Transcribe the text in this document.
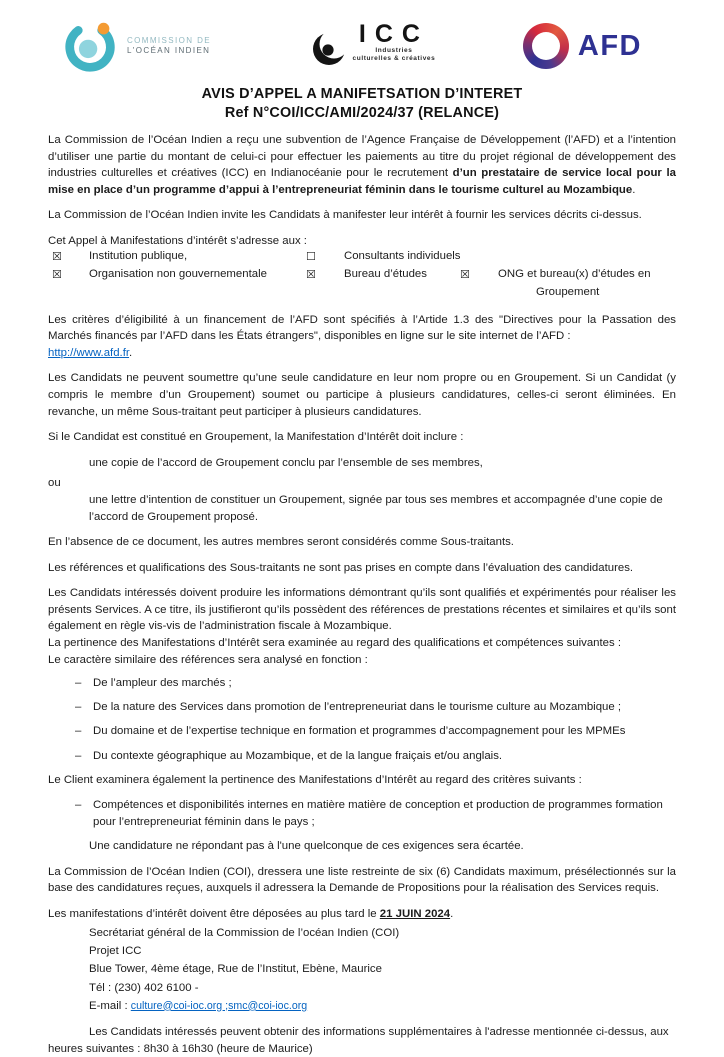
COMMISSION DE
L'OCÉAN INDIEN
ICC
Industries
culturelles & créatives	AFD
AVIS D’APPEL A MANIFETSATION D’INTERET
Ref N°COI/ICC/AMI/2024/37 (RELANCE)

La Commission de l’Océan Indien a reçu une subvention de l’Agence Française de Développement (l’AFD) et a l’intention d’utiliser une partie du montant de celui-ci pour effectuer les paiements au titre du projet régional de développement des industries culturelles et créatives (ICC) en Indianocéanie pour le recrutement d’un prestataire de service local pour la mise en place d’un programme d’appui à l’entrepreneuriat féminin dans le tourisme culturel au Mozambique.

La Commission de l’Océan Indien invite les Candidats à manifester leur intérêt à fournir les services décrits ci-dessus.

Cet Appel à Manifestations d’intérêt s’adresse aux :

☒ Institution publique,	☐ Consultants individuels
☒ Organisation non gouvernementale	☒ Bureau d’études	☒ ONG et bureau(x) d’études en
Groupement

Les critères d’éligibilité à un financement de l’AFD sont spécifiés à l’Artide 1.3 des "Directives pour la Passation des Marchés financés par l’AFD dans les États étrangers", disponibles en ligne sur le site internet de l’AFD :
http://www.afd.fr.

Les Candidats ne peuvent soumettre qu’une seule candidature en leur nom propre ou en Groupement. Si un Candidat (y compris le membre d’un Groupement) soumet ou participe à plusieurs candidatures, celles-ci seront éliminées. En revanche, un même Sous-traitant peut participer à plusieurs candidatures.

Si le Candidat est constitué en Groupement, la Manifestation d’Intérêt doit inclure :

une copie de l’accord de Groupement conclu par l’ensemble de ses membres,

ou

une lettre d’intention de constituer un Groupement, signée par tous ses membres et accompagnée d’une copie de l’accord de Groupement proposé.

En l’absence de ce document, les autres membres seront considérés comme Sous-traitants.

Les références et qualifications des Sous-traitants ne sont pas prises en compte dans l’évaluation des candidatures.

Les Candidats intéressés doivent produire les informations démontrant qu’ils sont qualifiés et expérimentés pour réaliser les présents Services. A ce titre, ils justifieront qu’ils possèdent des références de prestations récentes et similaires et qu’ils sont également en règle vis-vis de l’administration fiscale à Mozambique.

La pertinence des Manifestations d’Intérêt sera examinée au regard des qualifications et compétences suivantes :

Le caractère similaire des références sera analysé en fonction :

– De l’ampleur des marchés ;
– De la nature des Services dans promotion de l’entrepreneuriat dans le tourisme culture au Mozambique ;
– Du domaine et de l’expertise technique en formation et programmes d’accompagnement pour les MPMEs
– Du contexte géographique au Mozambique, et de la langue fraiçais et/ou anglais.

Le Client examinera également la pertinence des Manifestations d’Intérêt au regard des critères suivants :

– Compétences et disponibilités internes en matière matière de conception et production de programmes formation pour l’entrepreneuriat féminin dans le pays ;

Une candidature ne répondant pas à l'une quelconque de ces exigences sera écartée.

La Commission de l’Océan Indien (COI), dressera une liste restreinte de six (6) Candidats maximum, présélectionnés sur la base des candidatures reçues, auxquels il adressera la Demande de Propositions pour la réalisation des Services requis.

Les manifestations d’intérêt doivent être déposées au plus tard le 21 JUIN 2024.

Secrétariat général de la Commission de l’océan Indien (COI)
Projet ICC
Blue Tower, 4ème étage, Rue de l’Institut, Ebène, Maurice
Tél : (230) 402 6100 -
E-mail : culture@coi-ioc.org ;smc@coi-ioc.org

Les Candidats intéressés peuvent obtenir des informations supplémentaires à l'adresse mentionnée ci-dessus, aux heures suivantes : 8h30 à 16h30 (heure de Maurice)
